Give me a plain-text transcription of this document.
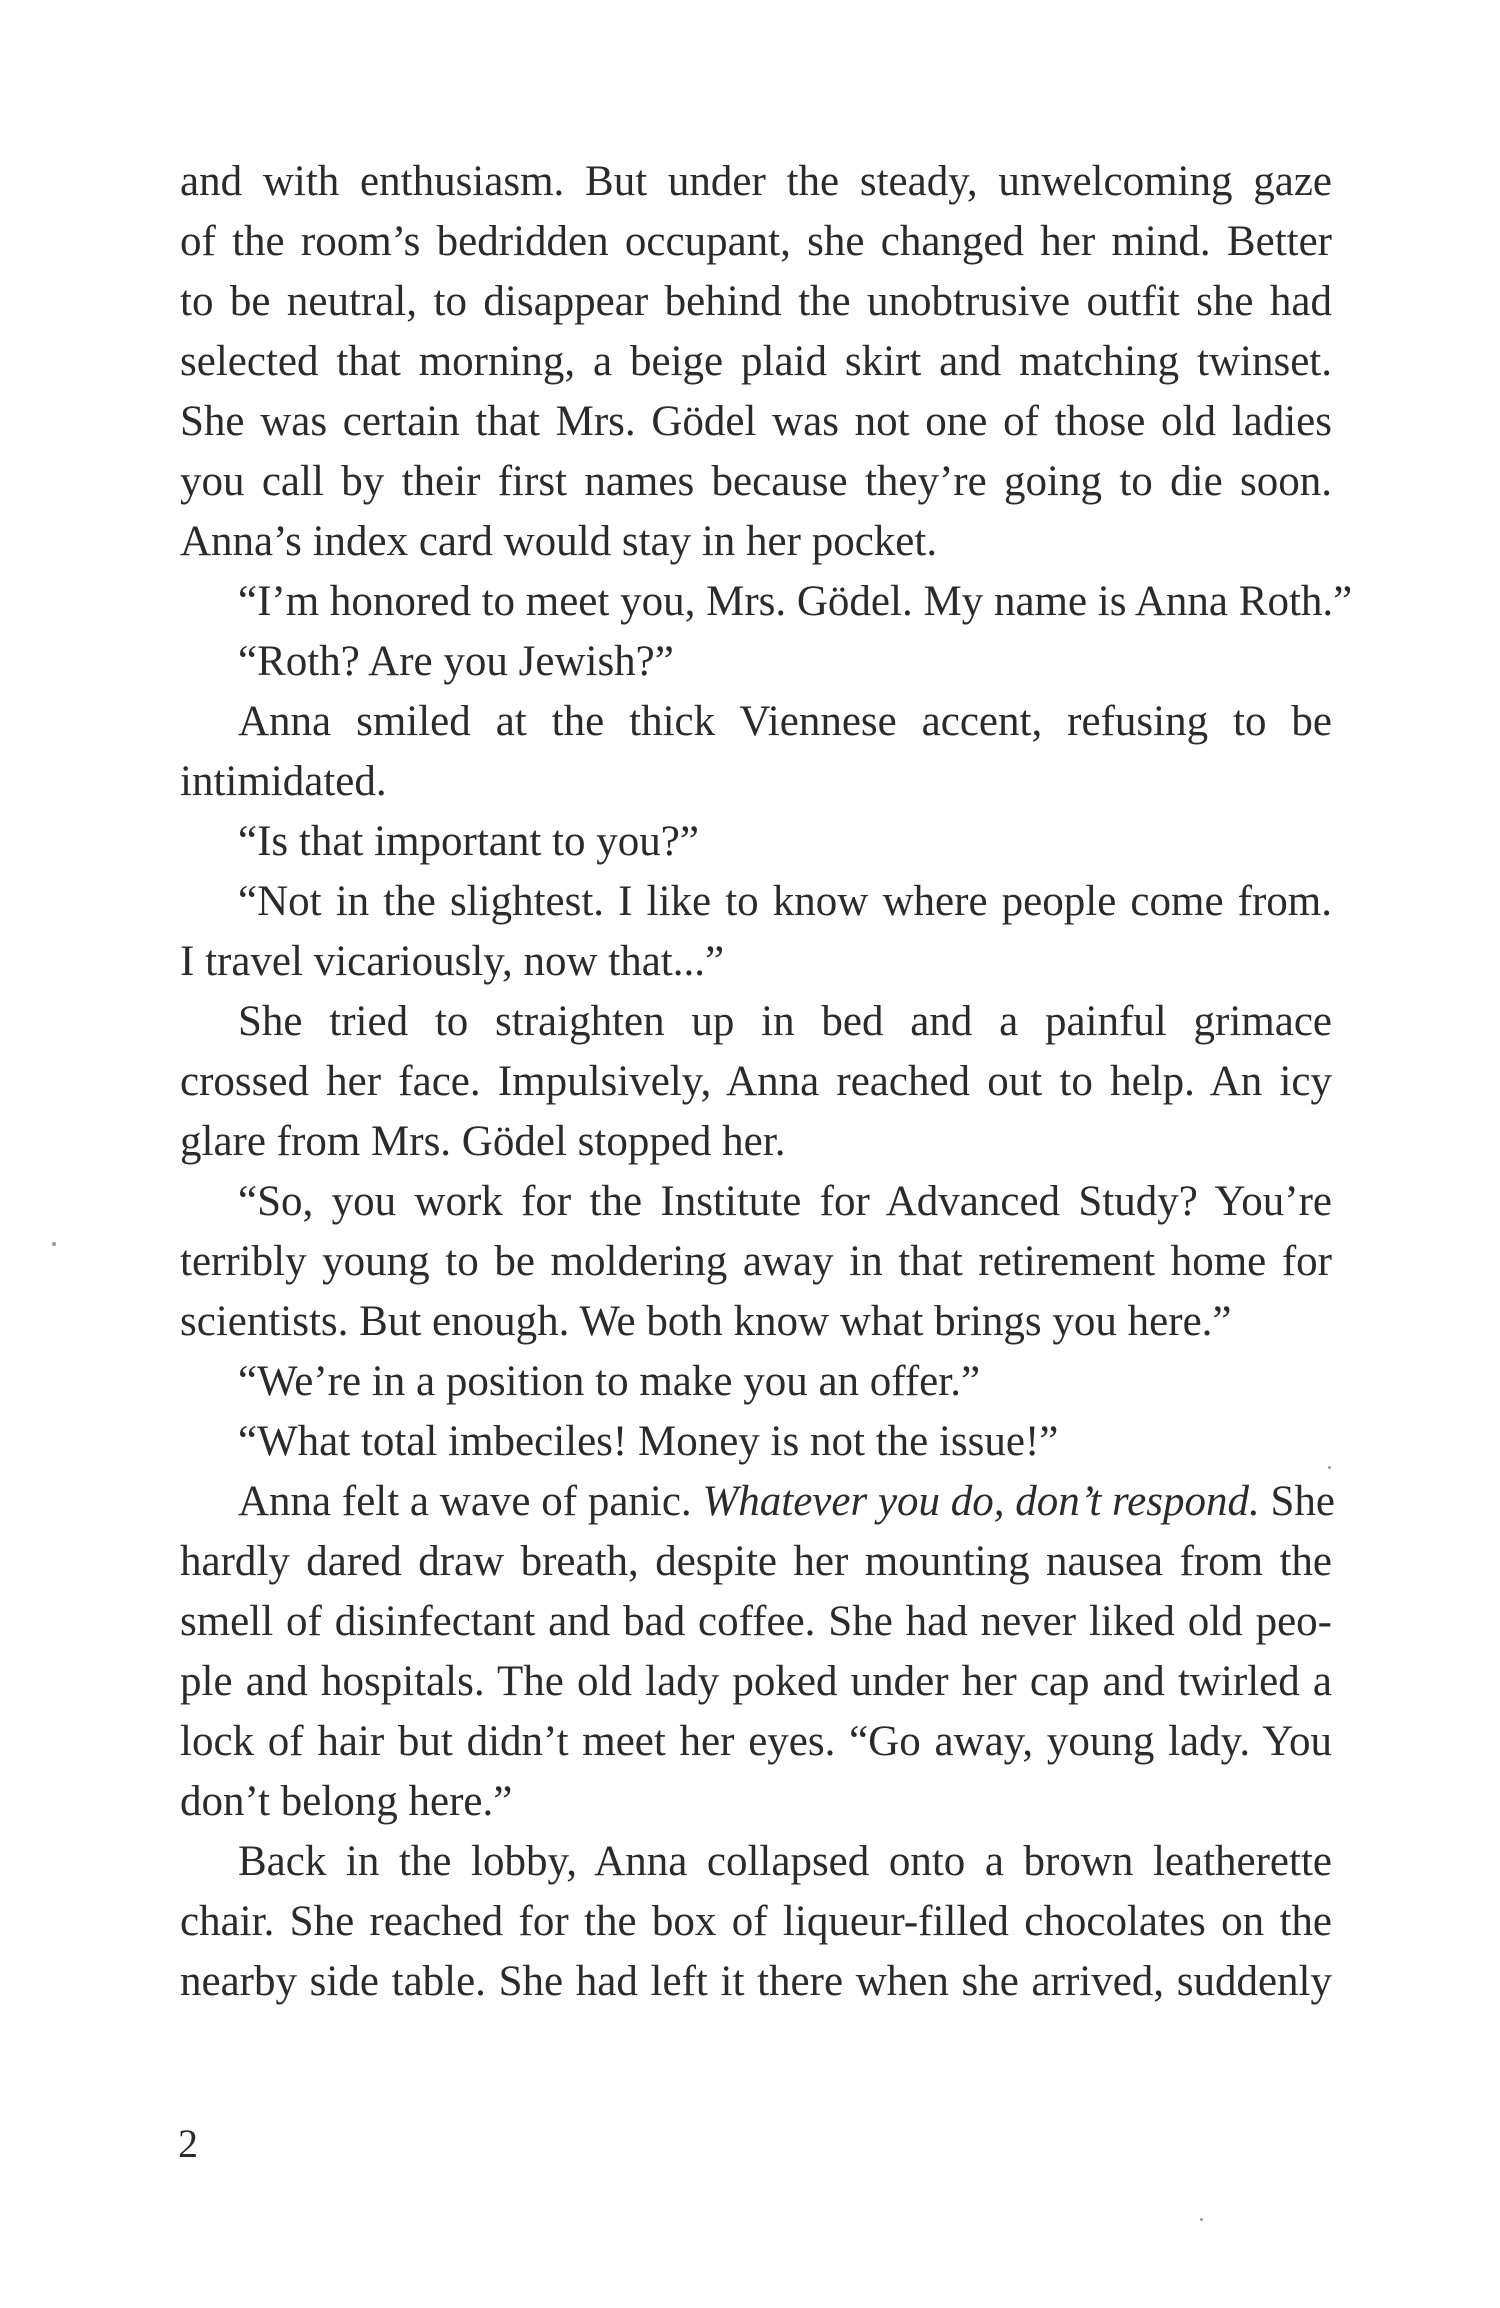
and with enthusiasm. But under the steady, unwelcoming gaze
of the room’s bedridden occupant, she changed her mind. Better
to be neutral, to disappear behind the unobtrusive outfit she had
selected that morning, a beige plaid skirt and matching twinset.
She was certain that Mrs. Gödel was not one of those old ladies
you call by their first names because they’re going to die soon.
Anna’s index card would stay in her pocket.
“I’m honored to meet you, Mrs. Gödel. My name is Anna Roth.”
“Roth? Are you Jewish?”
Anna smiled at the thick Viennese accent, refusing to be
intimidated.
“Is that important to you?”
“Not in the slightest. I like to know where people come from.
I travel vicariously, now that...”
She tried to straighten up in bed and a painful grimace
crossed her face. Impulsively, Anna reached out to help. An icy
glare from Mrs. Gödel stopped her.
“So, you work for the Institute for Advanced Study? You’re
terribly young to be moldering away in that retirement home for
scientists. But enough. We both know what brings you here.”
“We’re in a position to make you an offer.”
“What total imbeciles! Money is not the issue!”
Anna felt a wave of panic. Whatever you do, don’t respond. She
hardly dared draw breath, despite her mounting nausea from the
smell of disinfectant and bad coffee. She had never liked old peo-
ple and hospitals. The old lady poked under her cap and twirled a
lock of hair but didn’t meet her eyes. “Go away, young lady. You
don’t belong here.”
Back in the lobby, Anna collapsed onto a brown leatherette
chair. She reached for the box of liqueur-filled chocolates on the
nearby side table. She had left it there when she arrived, suddenly
2
